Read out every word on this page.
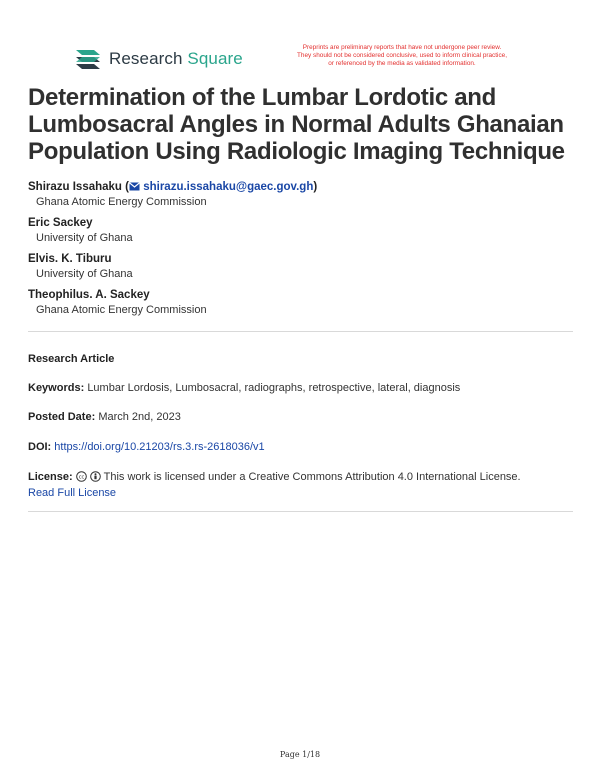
Research Square
Preprints are preliminary reports that have not undergone peer review.
They should not be considered conclusive, used to inform clinical practice,
or referenced by the media as validated information.
Determination of the Lumbar Lordotic and Lumbosacral Angles in Normal Adults Ghanaian Population Using Radiologic Imaging Technique
Shirazu Issahaku ( shirazu.issahaku@gaec.gov.gh)
Ghana Atomic Energy Commission
Eric Sackey
University of Ghana
Elvis. K. Tiburu
University of Ghana
Theophilus. A. Sackey
Ghana Atomic Energy Commission
Research Article
Keywords: Lumbar Lordosis, Lumbosacral, radiographs, retrospective, lateral, diagnosis
Posted Date: March 2nd, 2023
DOI: https://doi.org/10.21203/rs.3.rs-2618036/v1
License: cc This work is licensed under a Creative Commons Attribution 4.0 International License.
Read Full License
Page 1/18
